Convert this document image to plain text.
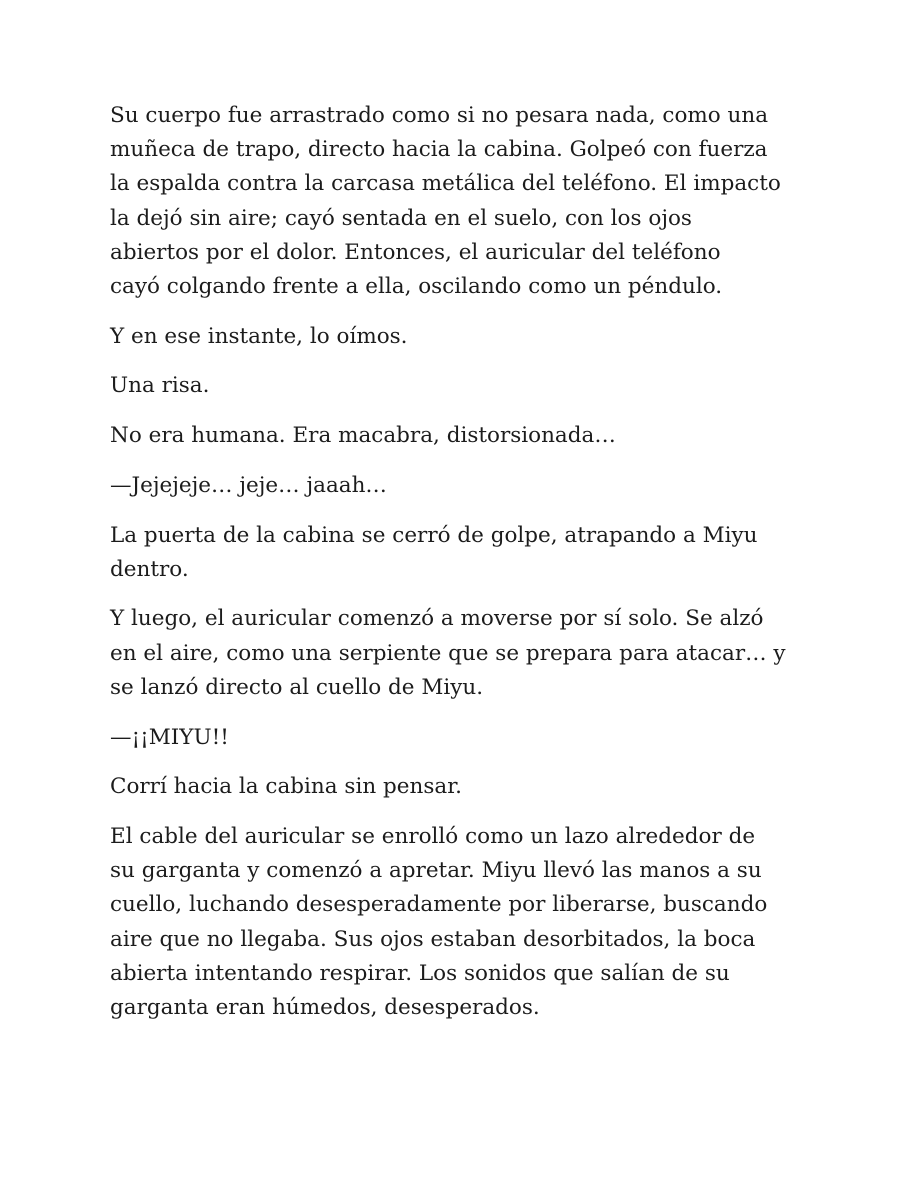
Su cuerpo fue arrastrado como si no pesara nada, como una
muñeca de trapo, directo hacia la cabina. Golpeó con fuerza
la espalda contra la carcasa metálica del teléfono. El impacto
la dejó sin aire; cayó sentada en el suelo, con los ojos
abiertos por el dolor. Entonces, el auricular del teléfono
cayó colgando frente a ella, oscilando como un péndulo.

Y en ese instante, lo oímos.

Una risa.

No era humana. Era macabra, distorsionada…

—Jejejeje… jeje… jaaah…

La puerta de la cabina se cerró de golpe, atrapando a Miyu
dentro.

Y luego, el auricular comenzó a moverse por sí solo. Se alzó
en el aire, como una serpiente que se prepara para atacar… y
se lanzó directo al cuello de Miyu.

—¡¡MIYU!!

Corrí hacia la cabina sin pensar.

El cable del auricular se enrolló como un lazo alrededor de
su garganta y comenzó a apretar. Miyu llevó las manos a su
cuello, luchando desesperadamente por liberarse, buscando
aire que no llegaba. Sus ojos estaban desorbitados, la boca
abierta intentando respirar. Los sonidos que salían de su
garganta eran húmedos, desesperados.
